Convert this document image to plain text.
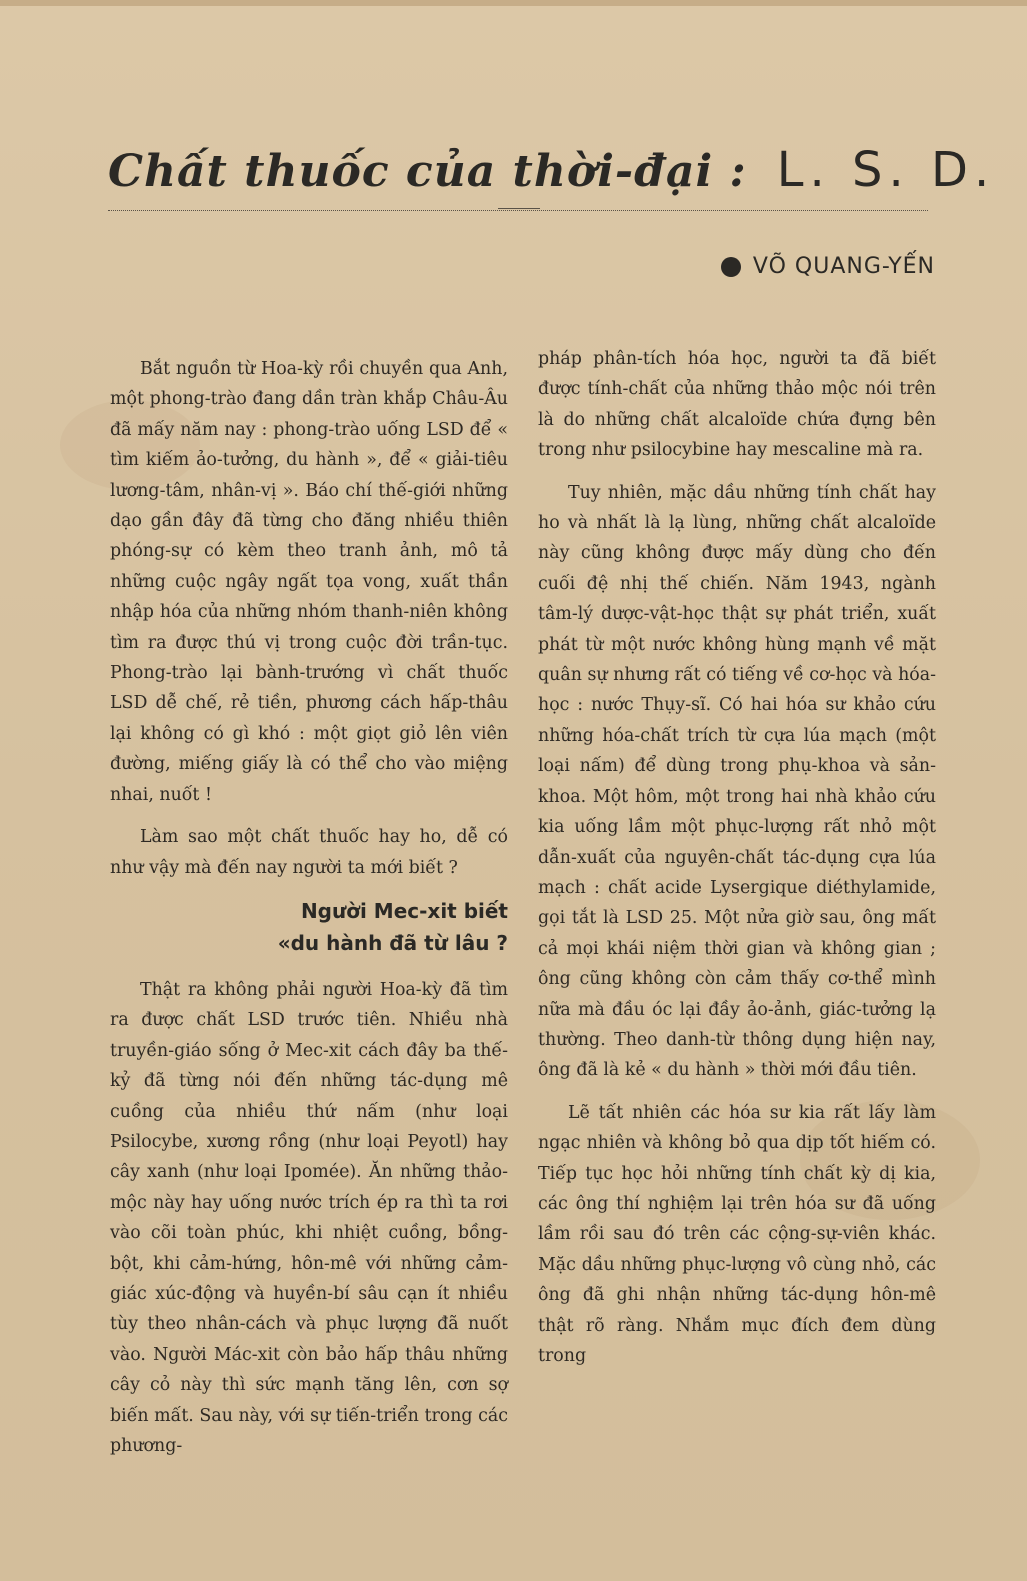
Chất thuốc của thời-đại : L. S. D.
VÕ QUANG-YẾN

Bắt nguồn từ Hoa-kỳ rồi chuyền qua Anh, một phong-trào đang dần tràn khắp Châu-Âu đã mấy năm nay : phong-trào uống LSD để « tìm kiếm ảo-tưởng, du hành », để « giải-tiêu lương-tâm, nhân-vị ». Báo chí thế-giới những dạo gần đây đã từng cho đăng nhiều thiên phóng-sự có kèm theo tranh ảnh, mô tả những cuộc ngây ngất tọa vong, xuất thần nhập hóa của những nhóm thanh-niên không tìm ra được thú vị trong cuộc đời trần-tục. Phong-trào lại bành-trướng vì chất thuốc LSD dễ chế, rẻ tiền, phương cách hấp-thâu lại không có gì khó : một giọt giỏ lên viên đường, miếng giấy là có thể cho vào miệng nhai, nuốt !

Làm sao một chất thuốc hay ho, dễ có như vậy mà đến nay người ta mới biết ?

Người Mec-xit biết
«du hành đã từ lâu ?

Thật ra không phải người Hoa-kỳ đã tìm ra được chất LSD trước tiên. Nhiều nhà truyền-giáo sống ở Mec-xit cách đây ba thế-kỷ đã từng nói đến những tác-dụng mê cuồng của nhiều thứ nấm (như loại Psilocybe, xương rồng (như loại Peyotl) hay cây xanh (như loại Ipomée). Ăn những thảo-mộc này hay uống nước trích ép ra thì ta rơi vào cõi toàn phúc, khi nhiệt cuồng, bồng-bột, khi cảm-hứng, hôn-mê với những cảm-giác xúc-động và huyền-bí sâu cạn ít nhiều tùy theo nhân-cách và phục lượng đã nuốt vào. Người Mác-xit còn bảo hấp thâu những cây cỏ này thì sức mạnh tăng lên, cơn sợ biến mất. Sau này, với sự tiến-triển trong các phương-

pháp phân-tích hóa học, người ta đã biết được tính-chất của những thảo mộc nói trên là do những chất alcaloïde chứa đựng bên trong như psilocybine hay mescaline mà ra.

Tuy nhiên, mặc dầu những tính chất hay ho và nhất là lạ lùng, những chất alcaloïde này cũng không được mấy dùng cho đến cuối đệ nhị thế chiến. Năm 1943, ngành tâm-lý dược-vật-học thật sự phát triển, xuất phát từ một nước không hùng mạnh về mặt quân sự nhưng rất có tiếng về cơ-học và hóa-học : nước Thụy-sĩ. Có hai hóa sư khảo cứu những hóa-chất trích từ cựa lúa mạch (một loại nấm) để dùng trong phụ-khoa và sản-khoa. Một hôm, một trong hai nhà khảo cứu kia uống lầm một phục-lượng rất nhỏ một dẫn-xuất của nguyên-chất tác-dụng cựa lúa mạch : chất acide Lysergique diéthylamide, gọi tắt là LSD 25. Một nửa giờ sau, ông mất cả mọi khái niệm thời gian và không gian ; ông cũng không còn cảm thấy cơ-thể mình nữa mà đầu óc lại đầy ảo-ảnh, giác-tưởng lạ thường. Theo danh-từ thông dụng hiện nay, ông đã là kẻ « du hành » thời mới đầu tiên.

Lẽ tất nhiên các hóa sư kia rất lấy làm ngạc nhiên và không bỏ qua dịp tốt hiếm có. Tiếp tục học hỏi những tính chất kỳ dị kia, các ông thí nghiệm lại trên hóa sư đã uống lầm rồi sau đó trên các cộng-sự-viên khác. Mặc dầu những phục-lượng vô cùng nhỏ, các ông đã ghi nhận những tác-dụng hôn-mê thật rõ ràng. Nhắm mục đích đem dùng trong
